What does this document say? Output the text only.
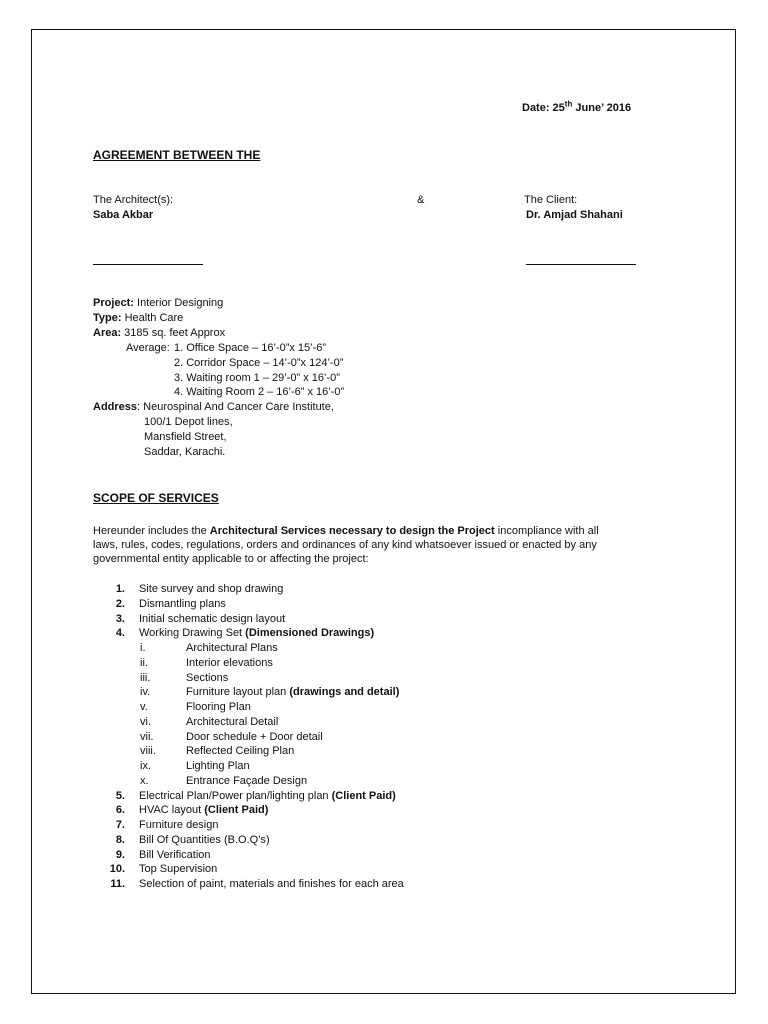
Date: 25th June’ 2016
AGREEMENT BETWEEN THE
The Architect(s):
Saba Akbar
&	The Client:
Dr. Amjad Shahani
Project: Interior Designing
Type: Health Care
Area: 3185 sq. feet Approx
Average: 1. Office Space – 16’-0”x 15’-6”
2. Corridor Space – 14’-0”x 124’-0”
3. Waiting room 1 – 29’-0” x 16’-0”
4. Waiting Room 2 – 16’-6” x 16’-0”
Address: Neurospinal And Cancer Care Institute,
100/1 Depot lines,
Mansfield Street,
Saddar, Karachi.
SCOPE OF SERVICES
Hereunder includes the Architectural Services necessary to design the Project incompliance with all
laws, rules, codes, regulations, orders and ordinances of any kind whatsoever issued or enacted by any
governmental entity applicable to or affecting the project:
1. Site survey and shop drawing
2. Dismantling plans
3. Initial schematic design layout
4. Working Drawing Set (Dimensioned Drawings)
i.	Architectural Plans
ii.	Interior elevations
iii.	Sections
iv.	Furniture layout plan (drawings and detail)
v.	Flooring Plan
vi.	Architectural Detail
vii.	Door schedule + Door detail
viii.	Reflected Ceiling Plan
ix.	Lighting Plan
x.	Entrance Façade Design
5. Electrical Plan/Power plan/lighting plan (Client Paid)
6. HVAC layout (Client Paid)
7. Furniture design
8. Bill Of Quantities (B.O.Q’s)
9. Bill Verification
10. Top Supervision
11. Selection of paint, materials and finishes for each area
